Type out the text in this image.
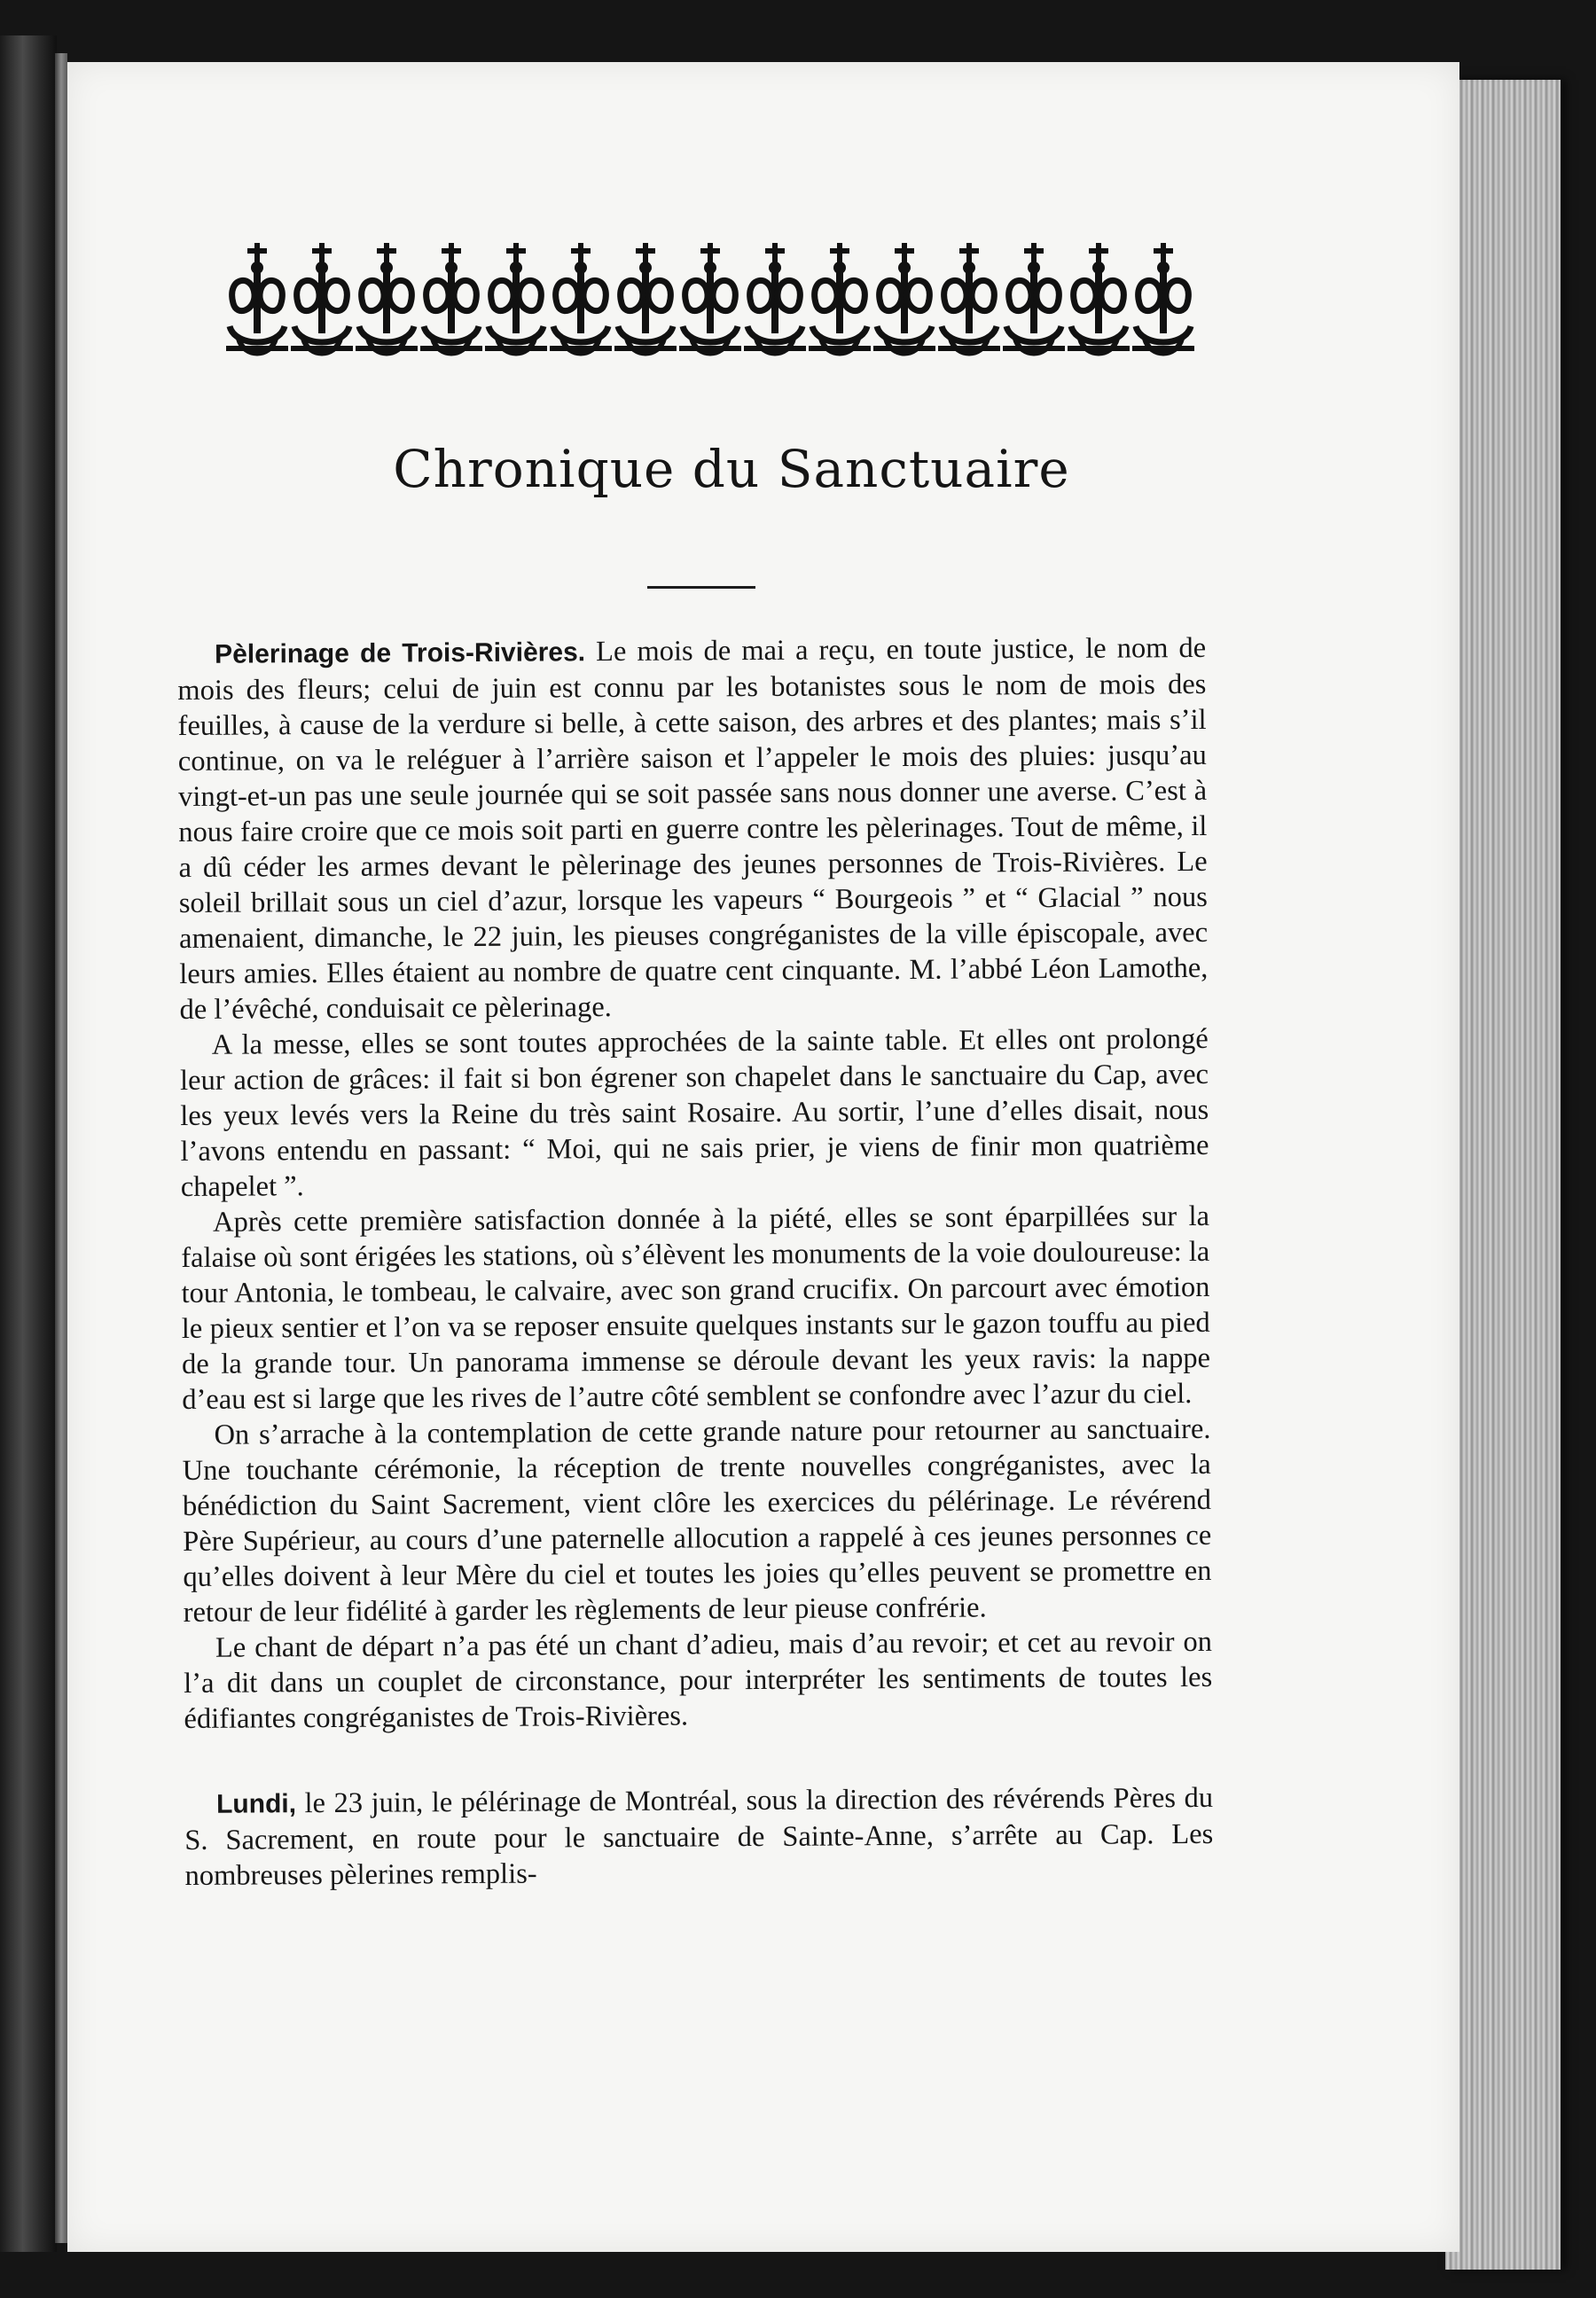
Chronique du Sanctuaire

Pèlerinage de Trois-Rivières. Le mois de mai a reçu, en toute justice, le nom de mois des fleurs; celui de juin est connu par les botanistes sous le nom de mois des feuilles, à cause de la verdure si belle, à cette saison, des arbres et des plantes; mais s’il continue, on va le reléguer à l’arrière saison et l’appeler le mois des pluies: jusqu’au vingt-et-un pas une seule journée qui se soit passée sans nous donner une averse. C’est à nous faire croire que ce mois soit parti en guerre contre les pèlerinages. Tout de même, il a dû céder les armes devant le pèlerinage des jeunes personnes de Trois-Rivières. Le soleil brillait sous un ciel d’azur, lorsque les vapeurs “ Bourgeois ” et “ Glacial ” nous amenaient, dimanche, le 22 juin, les pieuses congréganistes de la ville épiscopale, avec leurs amies. Elles étaient au nombre de quatre cent cinquante. M. l’abbé Léon Lamothe, de l’évêché, conduisait ce pèlerinage.

A la messe, elles se sont toutes approchées de la sainte table. Et elles ont prolongé leur action de grâces: il fait si bon égrener son chapelet dans le sanctuaire du Cap, avec les yeux levés vers la Reine du très saint Rosaire. Au sortir, l’une d’elles disait, nous l’avons entendu en passant: “ Moi, qui ne sais prier, je viens de finir mon quatrième chapelet ”.

Après cette première satisfaction donnée à la piété, elles se sont éparpillées sur la falaise où sont érigées les stations, où s’élèvent les monuments de la voie douloureuse: la tour Antonia, le tombeau, le calvaire, avec son grand crucifix. On parcourt avec émotion le pieux sentier et l’on va se reposer ensuite quelques instants sur le gazon touffu au pied de la grande tour. Un panorama immense se déroule devant les yeux ravis: la nappe d’eau est si large que les rives de l’autre côté semblent se confondre avec l’azur du ciel.

On s’arrache à la contemplation de cette grande nature pour retourner au sanctuaire. Une touchante cérémonie, la réception de trente nouvelles congréganistes, avec la bénédiction du Saint Sacrement, vient clôre les exercices du pélérinage. Le révérend Père Supérieur, au cours d’une paternelle allocution a rappelé à ces jeunes personnes ce qu’elles doivent à leur Mère du ciel et toutes les joies qu’elles peuvent se promettre en retour de leur fidélité à garder les règlements de leur pieuse confrérie.

Le chant de départ n’a pas été un chant d’adieu, mais d’au revoir; et cet au revoir on l’a dit dans un couplet de circonstance, pour interpréter les sentiments de toutes les édifiantes congréganistes de Trois-Rivières.

Lundi, le 23 juin, le pélérinage de Montréal, sous la direction des révérends Pères du S. Sacrement, en route pour le sanctuaire de Sainte-Anne, s’arrête au Cap. Les nombreuses pèlerines remplis-
